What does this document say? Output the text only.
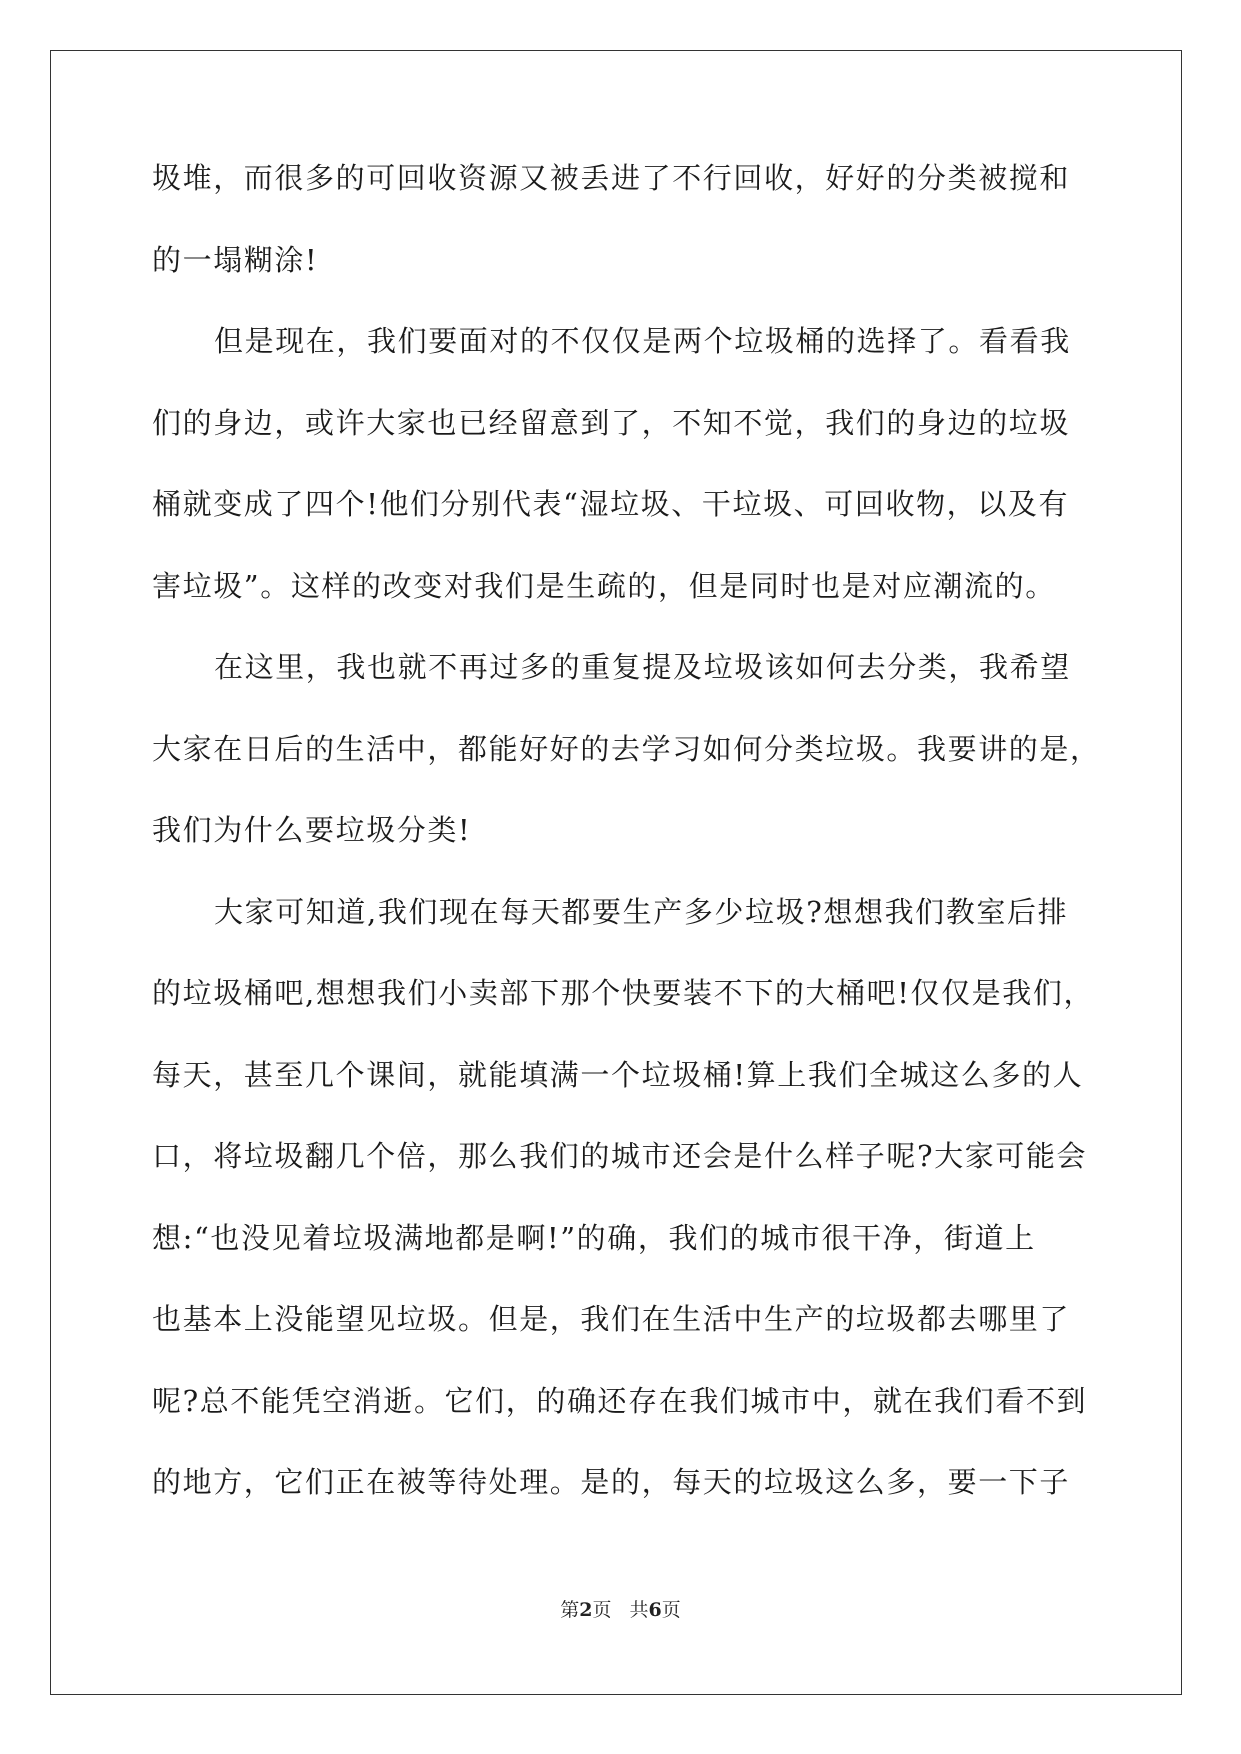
圾堆，而很多的可回收资源又被丢进了不行回收，好好的分类被搅和
的一塌糊涂!
但是现在，我们要面对的不仅仅是两个垃圾桶的选择了。看看我
们的身边，或许大家也已经留意到了，不知不觉，我们的身边的垃圾
桶就变成了四个!他们分别代表“湿垃圾、干垃圾、可回收物，以及有
害垃圾”。这样的改变对我们是生疏的，但是同时也是对应潮流的。
在这里，我也就不再过多的重复提及垃圾该如何去分类，我希望
大家在日后的生活中，都能好好的去学习如何分类垃圾。我要讲的是，
我们为什么要垃圾分类!
大家可知道,我们现在每天都要生产多少垃圾?想想我们教室后排
的垃圾桶吧,想想我们小卖部下那个快要装不下的大桶吧!仅仅是我们，
每天，甚至几个课间，就能填满一个垃圾桶!算上我们全城这么多的人
口，将垃圾翻几个倍，那么我们的城市还会是什么样子呢?大家可能会
想:“也没见着垃圾满地都是啊!”的确，我们的城市很干净，街道上
也基本上没能望见垃圾。但是，我们在生活中生产的垃圾都去哪里了
呢?总不能凭空消逝。它们，的确还存在我们城市中，就在我们看不到
的地方，它们正在被等待处理。是的，每天的垃圾这么多，要一下子
第2页 共6页
